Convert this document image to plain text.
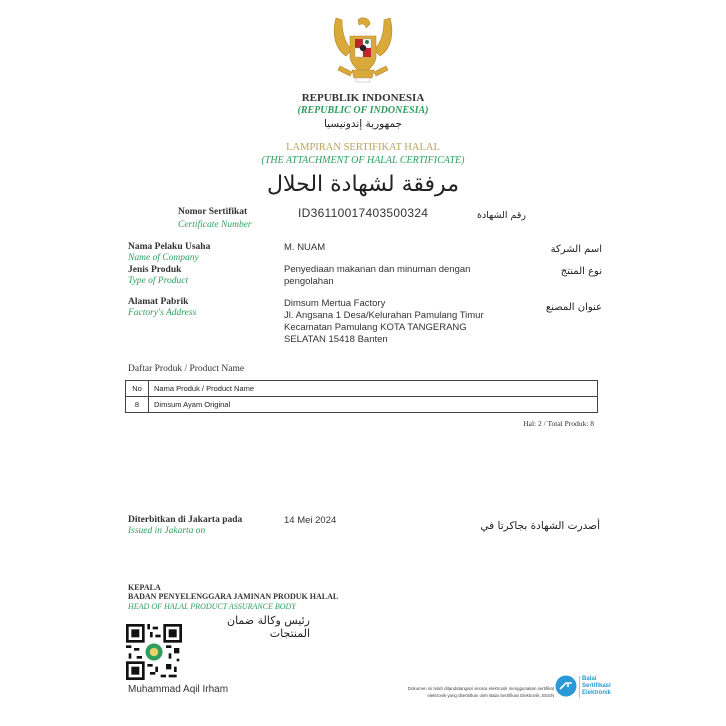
REPUBLIK INDONESIA
(REPUBLIC OF INDONESIA)
جمهورية إندونيسيا
LAMPIRAN SERTIFIKAT HALAL
(THE ATTACHMENT OF HALAL CERTIFICATE)
مرفقة لشهادة الحلال
Nomor Sertifikat
Certificate Number
ID36110017403500324	رقم الشهادة
Nama Pelaku Usaha
Name of Company
M. NUAM	اسم الشركة
Jenis Produk
Type of Product
Penyediaan makanan dan minuman dengan
pengolahan
نوع المنتج
Alamat Pabrik
Factory's Address
Dimsum Mertua Factory
Jl. Angsana 1 Desa/Kelurahan Pamulang Timur
Kecamatan Pamulang KOTA TANGERANG
SELATAN 15418 Banten
عنوان المصنع
Daftar Produk / Product Name
No	Nama Produk / Product Name
8	Dimsum Ayam Original
Hal: 2 / Total Produk: 8
Diterbitkan di Jakarta pada
Issued in Jakarta on
14 Mei 2024	أصدرت الشهادة بجاكرتا في
KEPALA
BADAN PENYELENGGARA JAMINAN PRODUK HALAL
HEAD OF HALAL PRODUCT ASSURANCE BODY
رئيس وكالة ضمان المنتجات
Muhammad Aqil Irham	Dokumen ini telah ditandatangani secara elektronik menggunakan sertifikat
elektronik yang diterbitkan oleh Balai Sertifikasi Elektronik, BSSN
Balai
Sertifikasi
Elektronik
